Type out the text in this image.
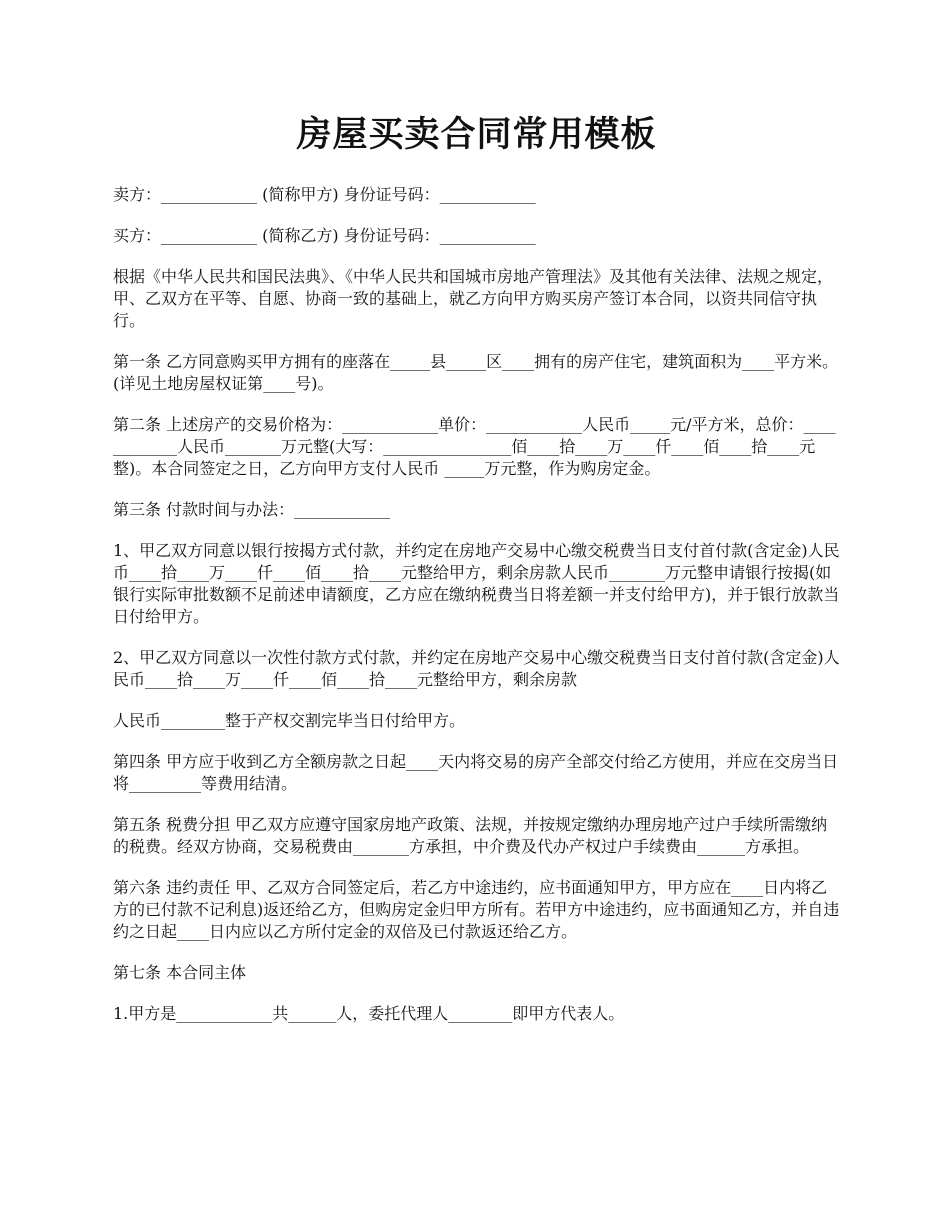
房屋买卖合同常用模板

卖方：____________ (简称甲方) 身份证号码：____________

买方：____________ (简称乙方) 身份证号码：____________

根据《中华人民共和国民法典》、《中华人民共和国城市房地产管理法》及其他有关法律、法规之规定，甲、乙双方在平等、自愿、协商一致的基础上，就乙方向甲方购买房产签订本合同，以资共同信守执行。

第一条 乙方同意购买甲方拥有的座落在_____县_____区____拥有的房产住宅，建筑面积为____平方米。(详见土地房屋权证第____号)。

第二条 上述房产的交易价格为：____________单价：____________人民币_____元/平方米，总价：____________人民币_______万元整(大写：________________佰____拾____万____仟____佰____拾____元整)。本合同签定之日，乙方向甲方支付人民币 _____万元整，作为购房定金。

第三条 付款时间与办法：____________

1、甲乙双方同意以银行按揭方式付款，并约定在房地产交易中心缴交税费当日支付首付款(含定金)人民币____拾____万____仟____佰____拾____元整给甲方，剩余房款人民币_______万元整申请银行按揭(如银行实际审批数额不足前述申请额度，乙方应在缴纳税费当日将差额一并支付给甲方)，并于银行放款当日付给甲方。

2、甲乙双方同意以一次性付款方式付款，并约定在房地产交易中心缴交税费当日支付首付款(含定金)人民币____拾____万____仟____佰____拾____元整给甲方，剩余房款

人民币________整于产权交割完毕当日付给甲方。

第四条 甲方应于收到乙方全额房款之日起____天内将交易的房产全部交付给乙方使用，并应在交房当日将_________等费用结清。

第五条 税费分担 甲乙双方应遵守国家房地产政策、法规，并按规定缴纳办理房地产过户手续所需缴纳的税费。经双方协商，交易税费由_______方承担，中介费及代办产权过户手续费由______方承担。

第六条 违约责任 甲、乙双方合同签定后，若乙方中途违约，应书面通知甲方，甲方应在____日内将乙方的已付款不记利息)返还给乙方，但购房定金归甲方所有。若甲方中途违约，应书面通知乙方，并自违约之日起____日内应以乙方所付定金的双倍及已付款返还给乙方。

第七条 本合同主体

1.甲方是____________共______人，委托代理人________即甲方代表人。
